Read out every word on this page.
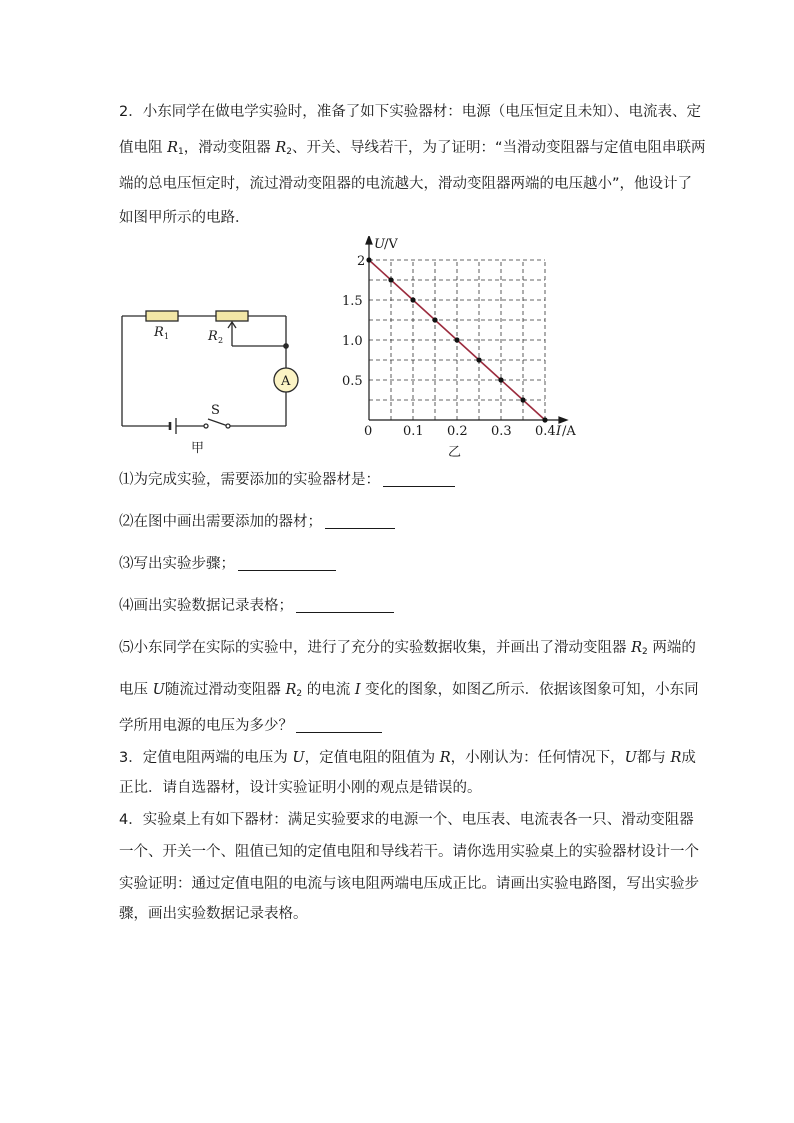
2．小东同学在做电学实验时，准备了如下实验器材：电源（电压恒定且未知）、电流表、定
值电阻 $R_1$，滑动变阻器 $R_2$、开关、导线若干，为了证明：“当滑动变阻器与定值电阻串联两
端的总电压恒定时，流过滑动变阻器的电流越大，滑动变阻器两端的电压越小”，他设计了
如图甲所示的电路．
R 1	R 2
A
S
甲
U /V
I /A
0
乙
0.1 0.2 0.3 0.4
0.5
1.0
1.5
2
⑴为完成实验，需要添加的实验器材是：
⑵在图中画出需要添加的器材；
⑶写出实验步骤；
⑷画出实验数据记录表格；
⑸小东同学在实际的实验中，进行了充分的实验数据收集，并画出了滑动变阻器 $R_2$ 两端的
电压 U随流过滑动变阻器 $R_2$ 的电流 I 变化的图象，如图乙所示．依据该图象可知，小东同
学所用电源的电压为多少？
3．定值电阻两端的电压为 U，定值电阻的阻值为 R，小刚认为：任何情况下，U都与 R成
正比．请自选器材，设计实验证明小刚的观点是错误的。
4．实验桌上有如下器材：满足实验要求的电源一个、电压表、电流表各一只、滑动变阻器
一个、开关一个、阻值已知的定值电阻和导线若干。请你选用实验桌上的实验器材设计一个
实验证明：通过定值电阻的电流与该电阻两端电压成正比。请画出实验电路图，写出实验步
骤，画出实验数据记录表格。
